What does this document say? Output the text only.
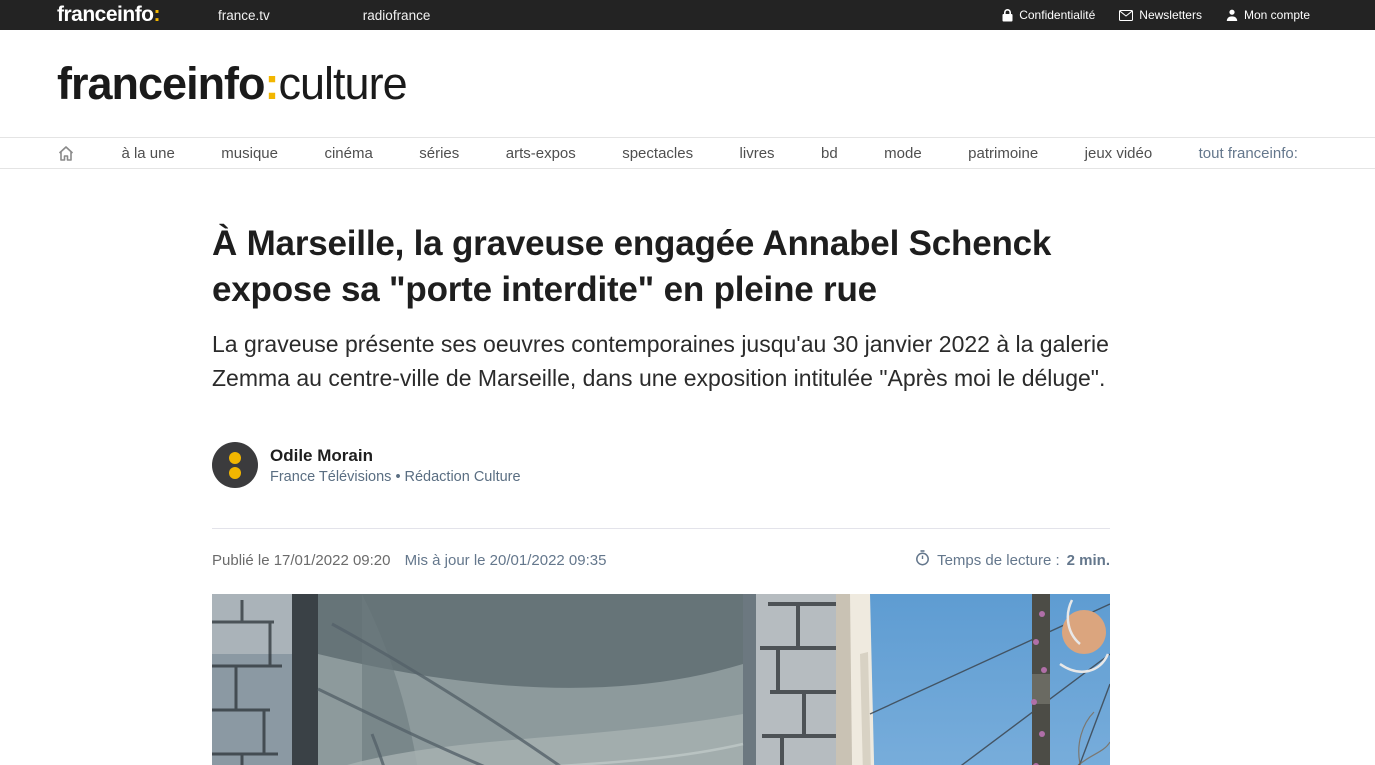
franceinfo:	france.tv	radiofrance	Confidentialité	Newsletters	Mon compte
franceinfo:culture
à la une	musique	cinéma	séries	arts-expos	spectacles	livres	bd	mode	patrimoine	jeux vidéo	tout franceinfo:
À Marseille, la graveuse engagée Annabel Schenck expose sa "porte interdite" en pleine rue

La graveuse présente ses oeuvres contemporaines jusqu'au 30 janvier 2022 à la galerie Zemma au centre-ville de Marseille, dans une exposition intitulée "Après moi le déluge".

Odile Morain
France Télévisions • Rédaction Culture
Publié le 17/01/2022 09:20 Mis à jour le 20/01/2022 09:35	Temps de lecture : 2 min.
